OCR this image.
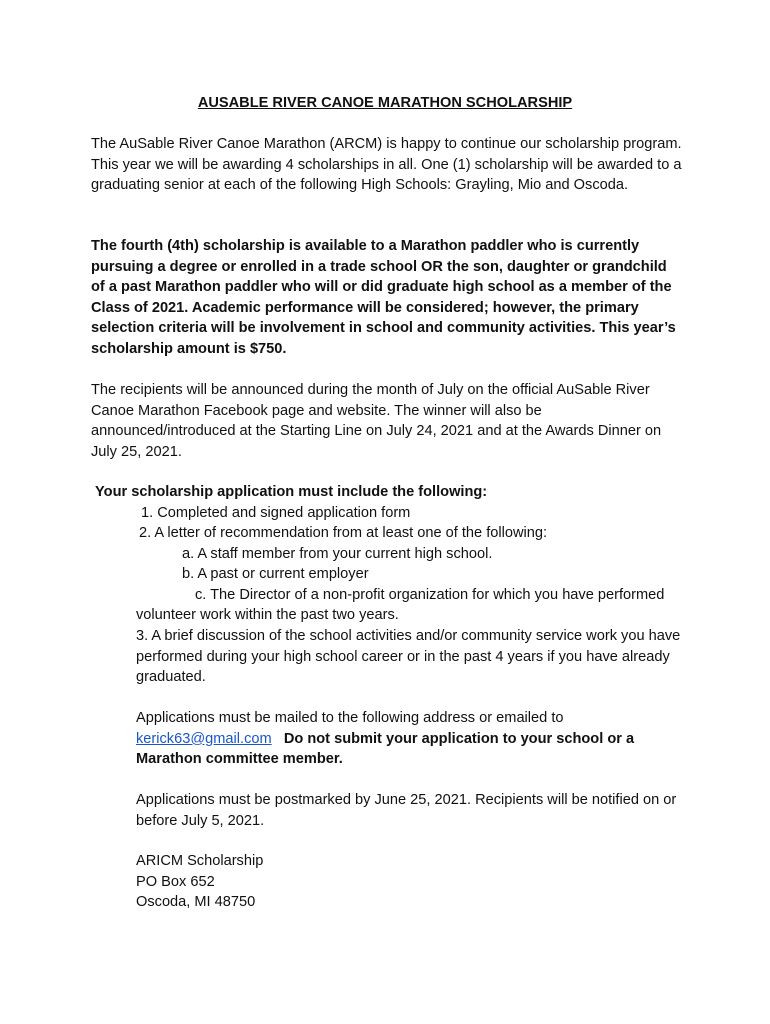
AUSABLE RIVER CANOE MARATHON SCHOLARSHIP

The AuSable River Canoe Marathon (ARCM) is happy to continue our scholarship program. This year we will be awarding 4 scholarships in all. One (1) scholarship will be awarded to a graduating senior at each of the following High Schools: Grayling, Mio and Oscoda.

The fourth (4th) scholarship is available to a Marathon paddler who is currently pursuing a degree or enrolled in a trade school OR the son, daughter or grandchild of a past Marathon paddler who will or did graduate high school as a member of the Class of 2021. Academic performance will be considered; however, the primary selection criteria will be involvement in school and community activities. This year’s scholarship amount is $750.

The recipients will be announced during the month of July on the official AuSable River Canoe Marathon Facebook page and website. The winner will also be announced/introduced at the Starting Line on July 24, 2021 and at the Awards Dinner on July 25, 2021.

Your scholarship application must include the following:

1. Completed and signed application form

2. A letter of recommendation from at least one of the following:

a. A staff member from your current high school.

b. A past or current employer

c. The Director of a non-profit organization for which you have performed

volunteer work within the past two years.

3. A brief discussion of the school activities and/or community service work you have performed during your high school career or in the past 4 years if you have already graduated.

Applications must be mailed to the following address or emailed to
kerick63@gmail.com Do not submit your application to your school or a Marathon committee member.

Applications must be postmarked by June 25, 2021. Recipients will be notified on or before July 5, 2021.

ARICM Scholarship
PO Box 652
Oscoda, MI 48750
